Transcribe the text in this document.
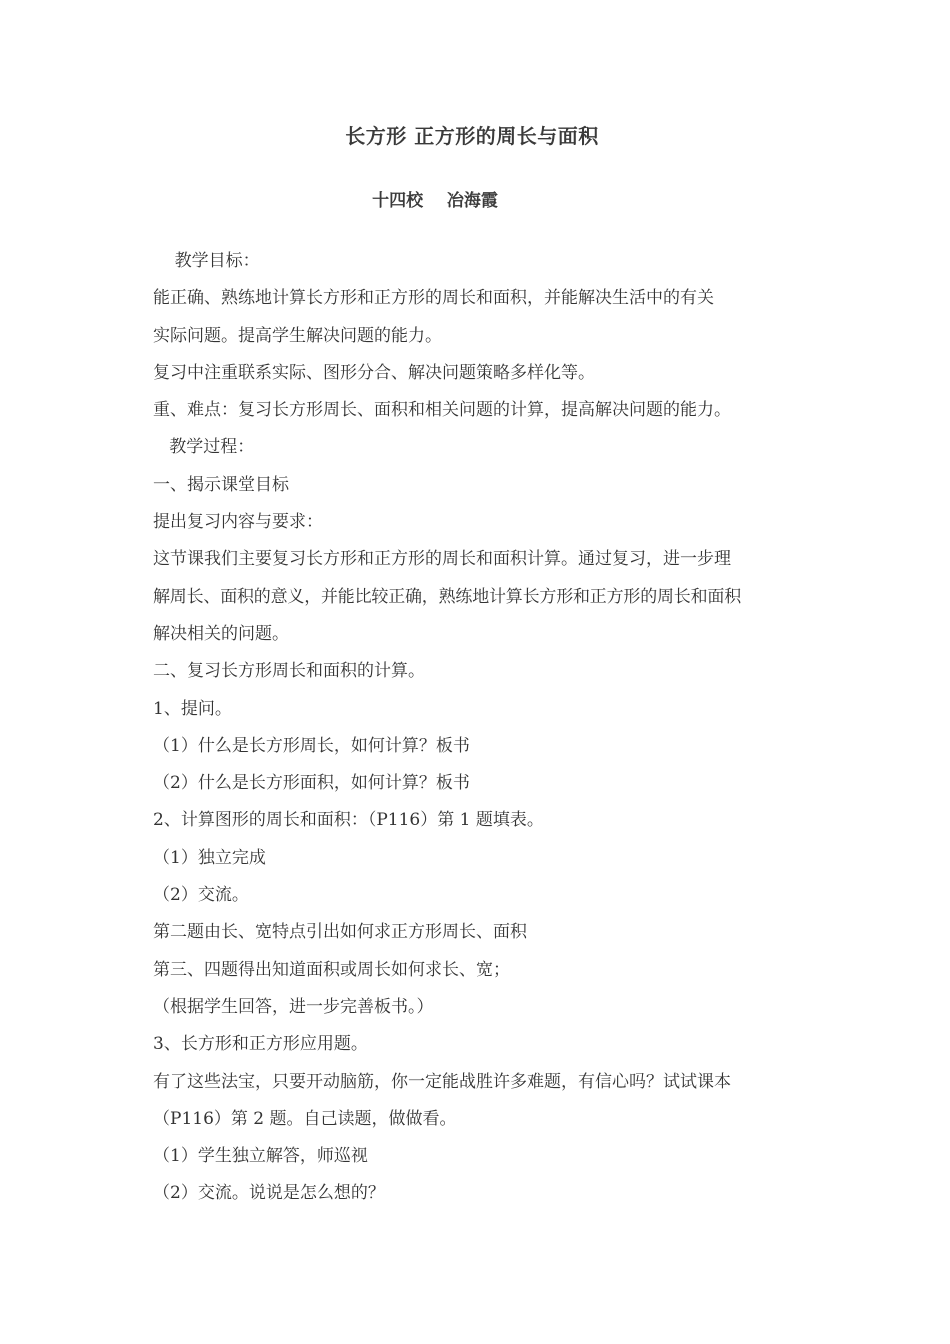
长方形 正方形的周长与面积
十四校    冶海霞
教学目标：
能正确、熟练地计算长方形和正方形的周长和面积，并能解决生活中的有关
实际问题。提高学生解决问题的能力。
复习中注重联系实际、图形分合、解决问题策略多样化等。
重、难点：复习长方形周长、面积和相关问题的计算，提高解决问题的能力。
教学过程：
一、揭示课堂目标
提出复习内容与要求：
这节课我们主要复习长方形和正方形的周长和面积计算。通过复习，进一步理
解周长、面积的意义，并能比较正确，熟练地计算长方形和正方形的周长和面积
解决相关的问题。
二、复习长方形周长和面积的计算。
1、提问。
（1）什么是长方形周长，如何计算？板书
（2）什么是长方形面积，如何计算？板书
2、计算图形的周长和面积：（P116）第 1 题填表。
（1）独立完成
（2）交流。
第二题由长、宽特点引出如何求正方形周长、面积
第三、四题得出知道面积或周长如何求长、宽；
（根据学生回答，进一步完善板书。）
3、长方形和正方形应用题。
有了这些法宝，只要开动脑筋，你一定能战胜许多难题，有信心吗？试试课本
（P116）第 2 题。自己读题，做做看。
（1）学生独立解答，师巡视
（2）交流。说说是怎么想的？
